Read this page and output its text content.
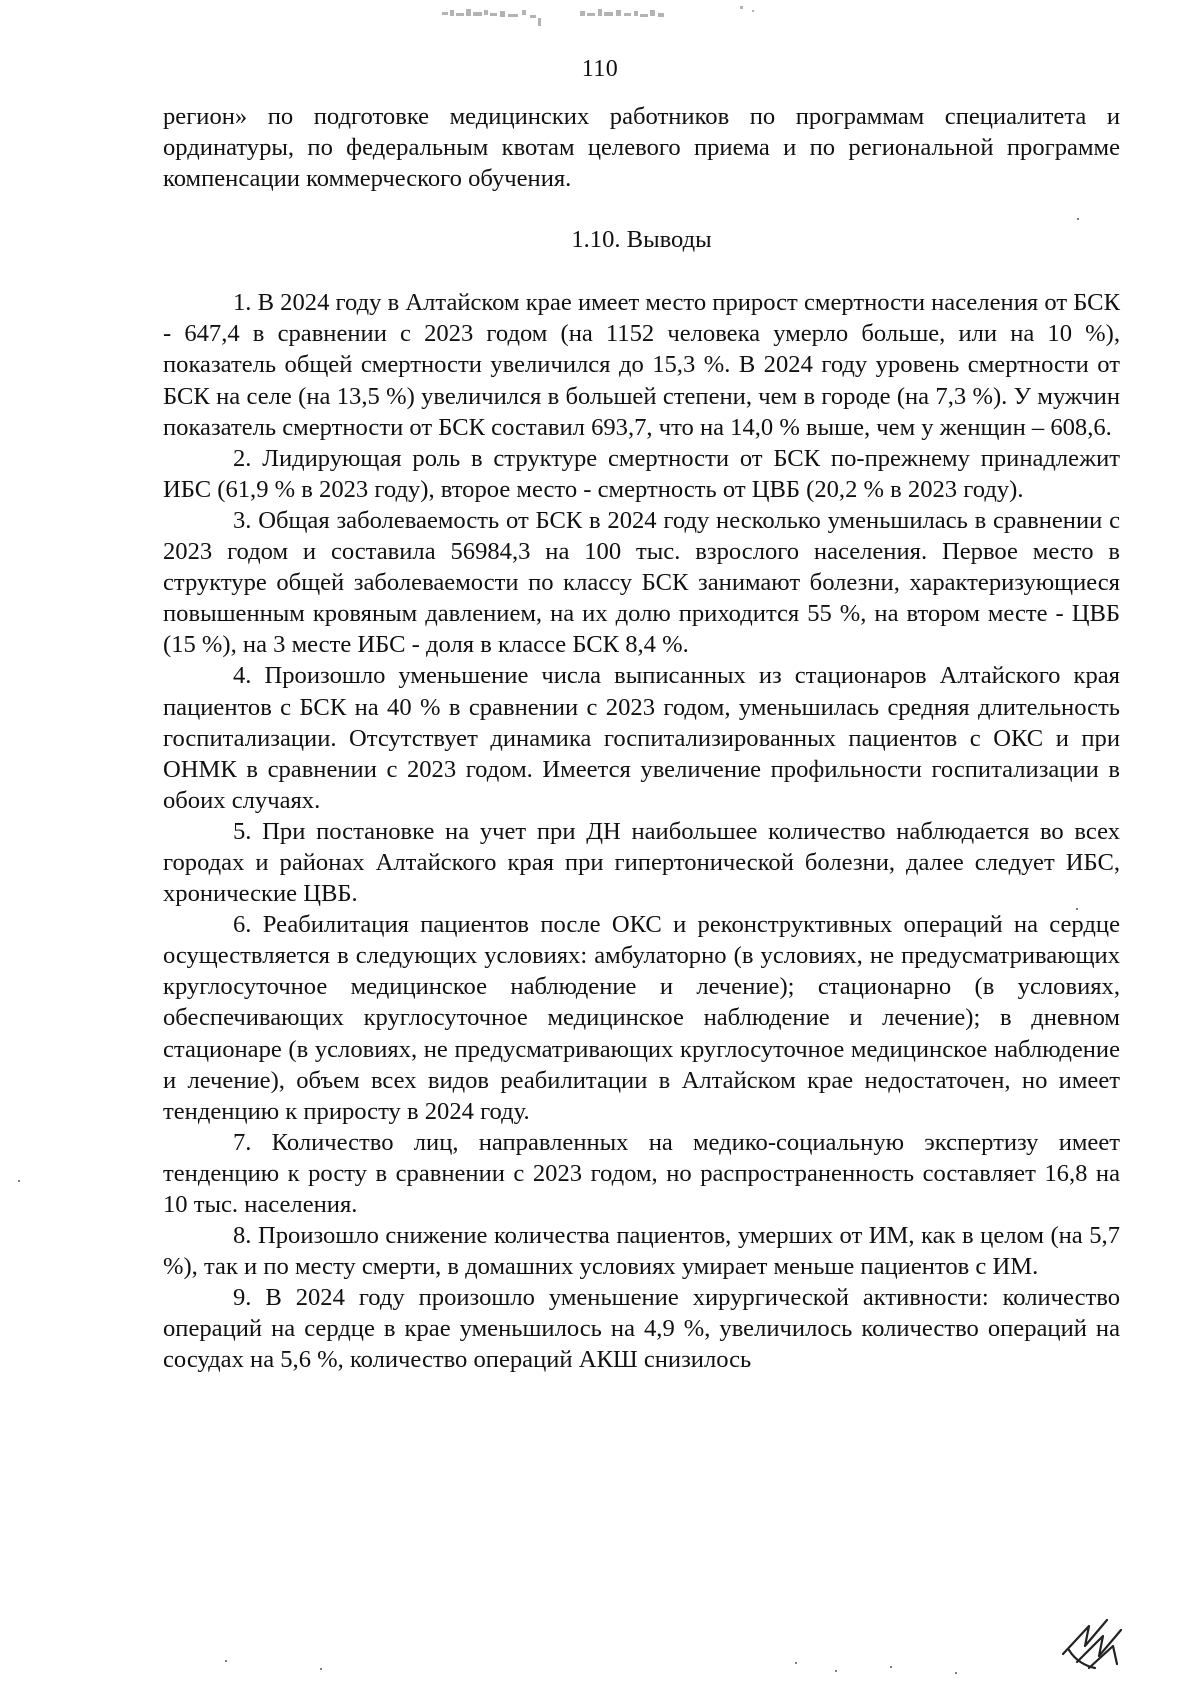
110

регион» по подготовке медицинских работников по программам специалитета и ординатуры, по федеральным квотам целевого приема и по региональной программе компенсации коммерческого обучения.

1.10. Выводы

1. В 2024 году в Алтайском крае имеет место прирост смертности населения от БСК - 647,4 в сравнении с 2023 годом (на 1152 человека умерло больше, или на 10 %), показатель общей смертности увеличился до 15,3 %. В 2024 году уровень смертности от БСК на селе (на 13,5 %) увеличился в большей степени, чем в городе (на 7,3 %). У мужчин показатель смертности от БСК составил 693,7, что на 14,0 % выше, чем у женщин – 608,6.

2. Лидирующая роль в структуре смертности от БСК по-прежнему принадлежит ИБС (61,9 % в 2023 году), второе место - смертность от ЦВБ (20,2 % в 2023 году).

3. Общая заболеваемость от БСК в 2024 году несколько уменьшилась в сравнении с 2023 годом и составила 56984,3 на 100 тыс. взрослого населения. Первое место в структуре общей заболеваемости по классу БСК занимают болезни, характеризующиеся повышенным кровяным давлением, на их долю приходится 55 %, на втором месте - ЦВБ (15 %), на 3 месте ИБС - доля в классе БСК 8,4 %.

4. Произошло уменьшение числа выписанных из стационаров Алтайского края пациентов с БСК на 40 % в сравнении с 2023 годом, уменьшилась средняя длительность госпитализации. Отсутствует динамика госпитализированных пациентов с ОКС и при ОНМК в сравнении с 2023 годом. Имеется увеличение профильности госпитализации в обоих случаях.

5. При постановке на учет при ДН наибольшее количество наблюдается во всех городах и районах Алтайского края при гипертонической болезни, далее следует ИБС, хронические ЦВБ.

6. Реабилитация пациентов после ОКС и реконструктивных операций на сердце осуществляется в следующих условиях: амбулаторно (в условиях, не предусматривающих круглосуточное медицинское наблюдение и лечение); стационарно (в условиях, обеспечивающих круглосуточное медицинское наблюдение и лечение); в дневном стационаре (в условиях, не предусматривающих круглосуточное медицинское наблюдение и лечение), объем всех видов реабилитации в Алтайском крае недостаточен, но имеет тенденцию к приросту в 2024 году.

7. Количество лиц, направленных на медико-социальную экспертизу имеет тенденцию к росту в сравнении с 2023 годом, но распространенность составляет 16,8 на 10 тыс. населения.

8. Произошло снижение количества пациентов, умерших от ИМ, как в целом (на 5,7 %), так и по месту смерти, в домашних условиях умирает меньше пациентов с ИМ.

9. В 2024 году произошло уменьшение хирургической активности: количество операций на сердце в крае уменьшилось на 4,9 %, увеличилось количество операций на сосудах на 5,6 %, количество операций АКШ снизилось
